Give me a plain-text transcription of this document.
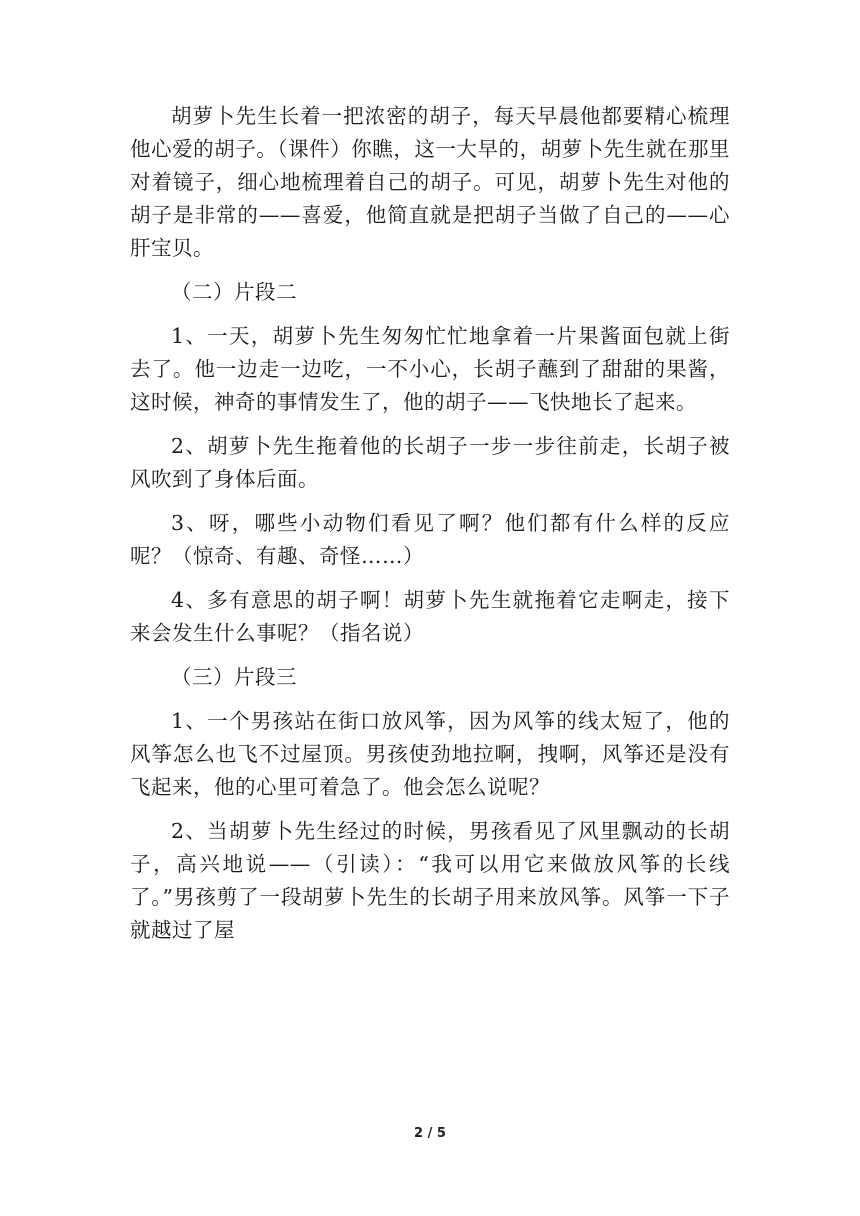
胡萝卜先生长着一把浓密的胡子，每天早晨他都要精心梳理他心爱的胡子。（课件）你瞧，这一大早的，胡萝卜先生就在那里对着镜子，细心地梳理着自己的胡子。可见，胡萝卜先生对他的胡子是非常的——喜爱，他简直就是把胡子当做了自己的——心肝宝贝。

（二）片段二

1、一天，胡萝卜先生匆匆忙忙地拿着一片果酱面包就上街去了。他一边走一边吃，一不小心，长胡子蘸到了甜甜的果酱，这时候，神奇的事情发生了，他的胡子——飞快地长了起来。

2、胡萝卜先生拖着他的长胡子一步一步往前走，长胡子被风吹到了身体后面。

3、呀，哪些小动物们看见了啊？他们都有什么样的反应呢？（惊奇、有趣、奇怪……）

4、多有意思的胡子啊！胡萝卜先生就拖着它走啊走，接下来会发生什么事呢？（指名说）

（三）片段三

1、一个男孩站在街口放风筝，因为风筝的线太短了，他的风筝怎么也飞不过屋顶。男孩使劲地拉啊，拽啊，风筝还是没有飞起来，他的心里可着急了。他会怎么说呢？

2、当胡萝卜先生经过的时候，男孩看见了风里飘动的长胡子，高兴地说——（引读）：“我可以用它来做放风筝的长线了。”男孩剪了一段胡萝卜先生的长胡子用来放风筝。风筝一下子就越过了屋

2 / 5
